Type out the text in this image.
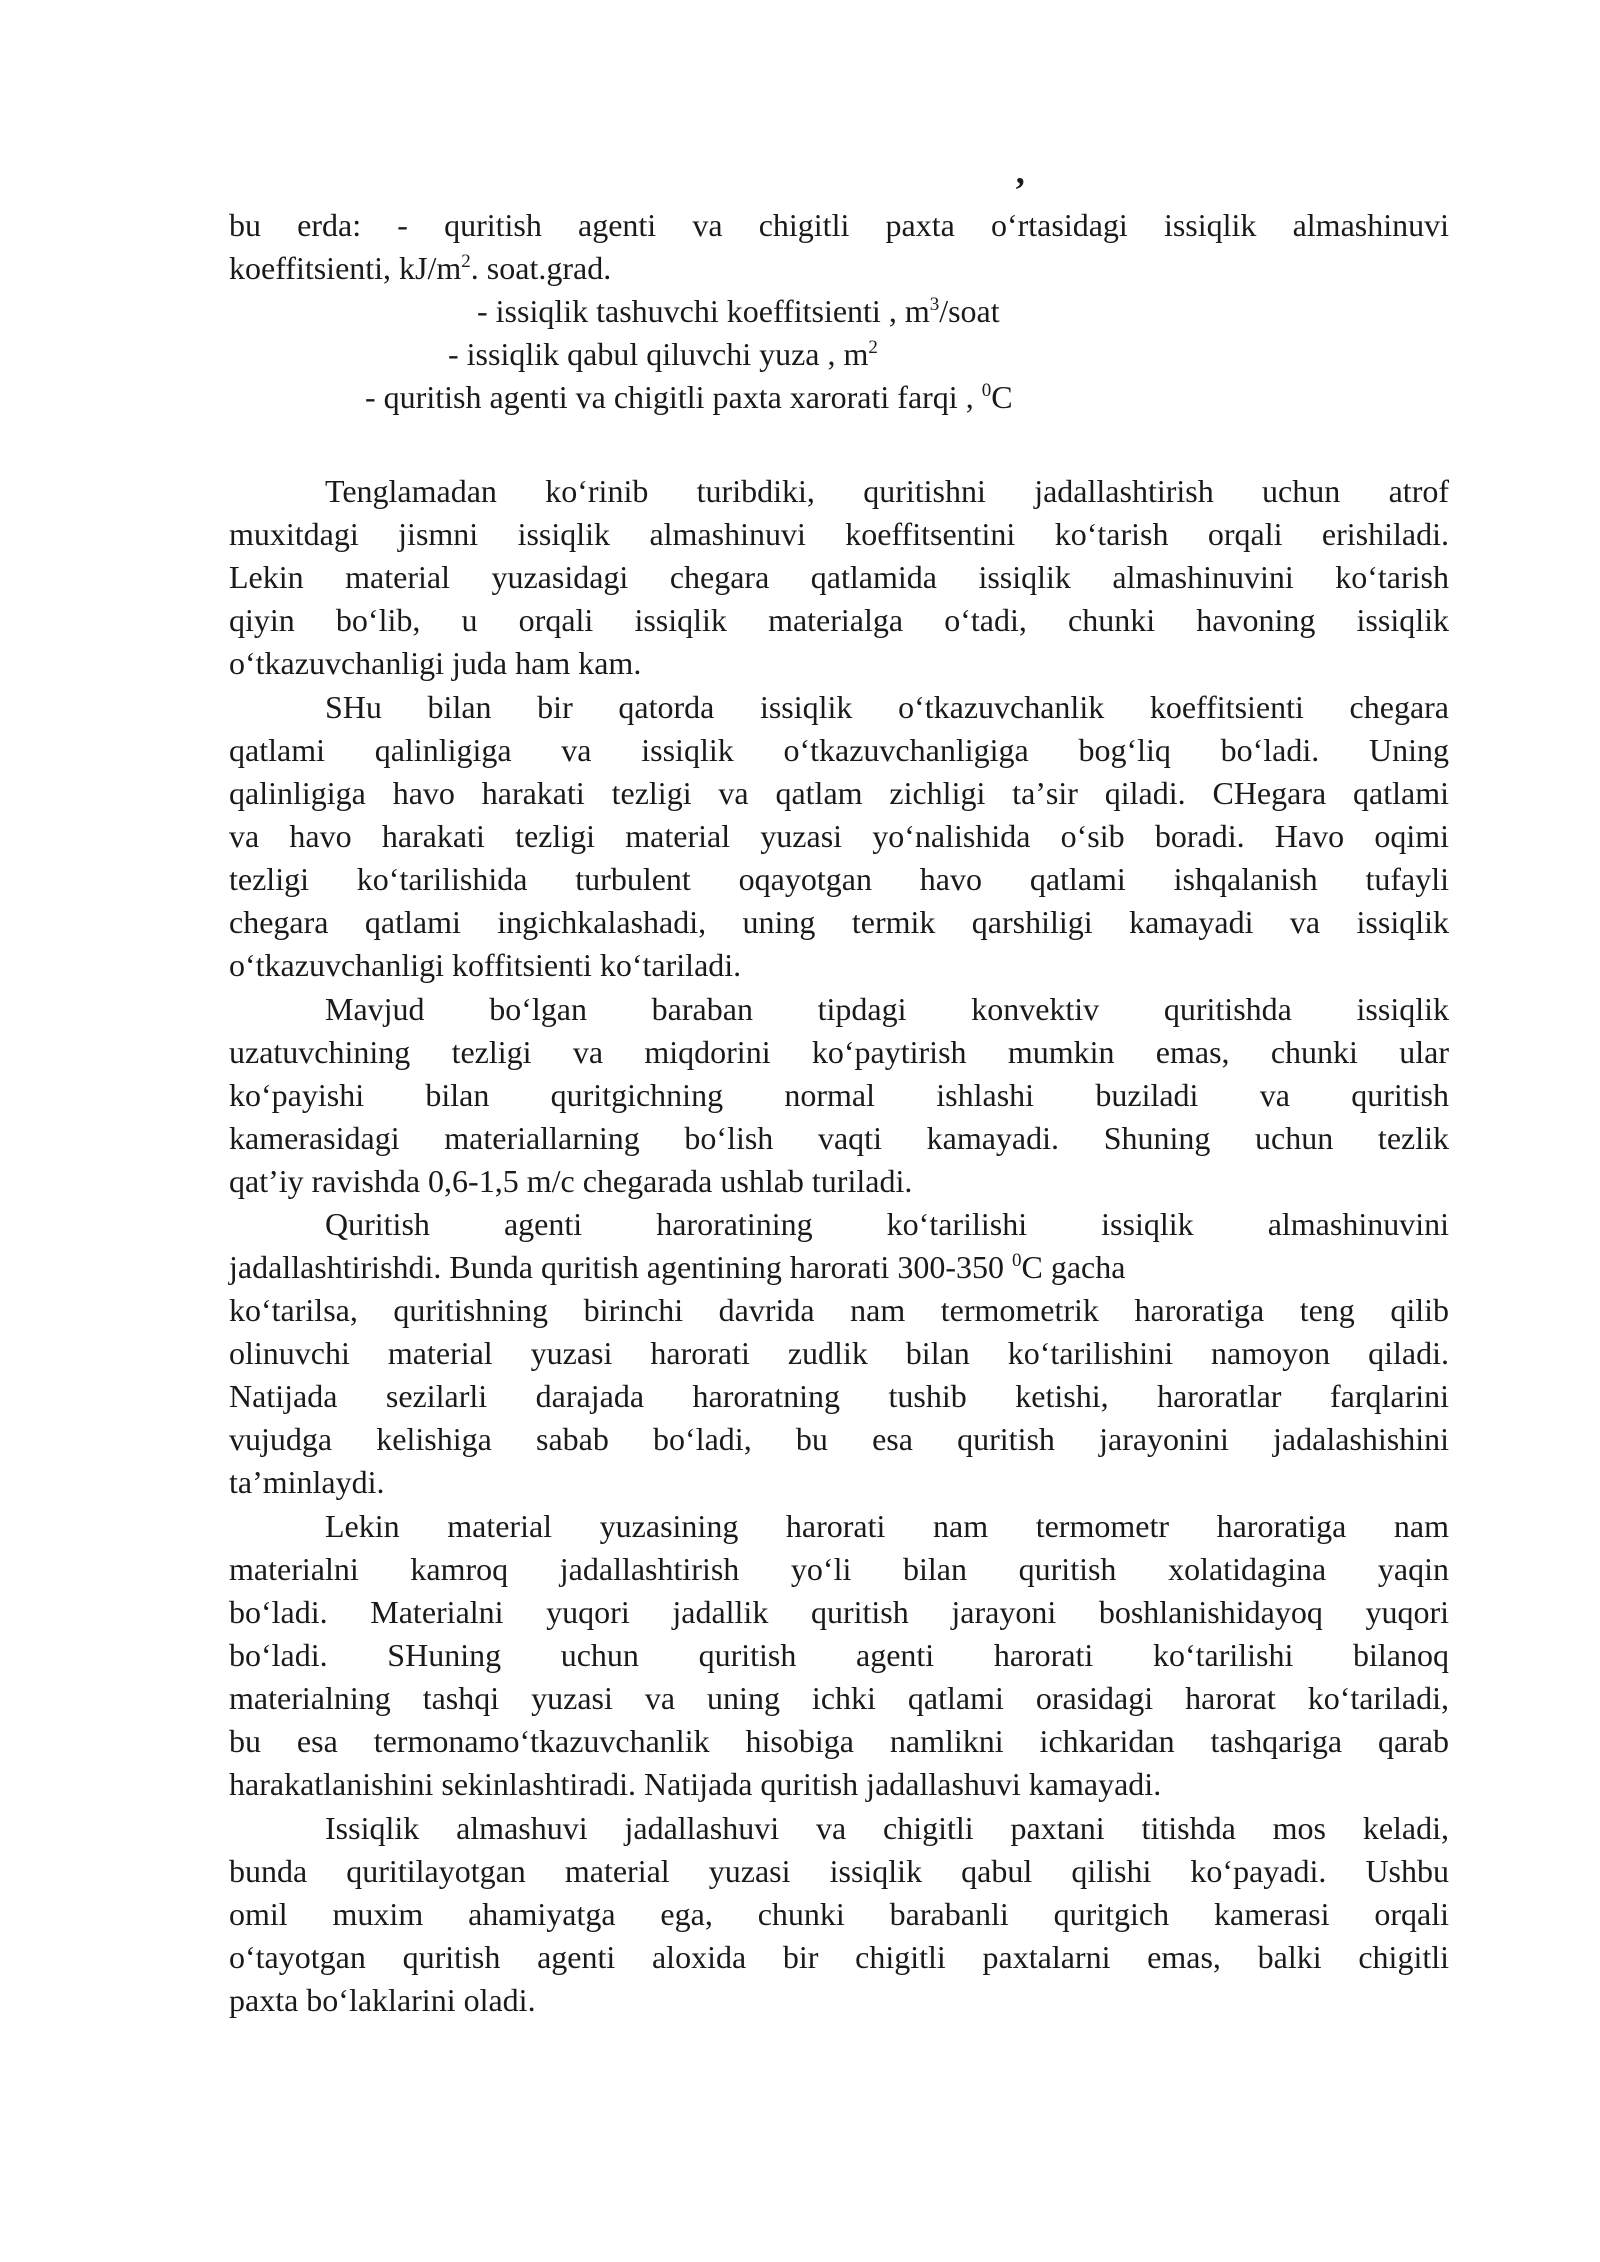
ʼ
bu erda: - quritish agenti va chigitli paxta oʻrtasidagi issiqlik almashinuvi
koeffitsienti, $kJ/m^2$. soat.grad.
- issiqlik tashuvchi koeffitsienti , $m^3$/soat
- issiqlik qabul qiluvchi yuza , $m^2$
- quritish agenti va chigitli paxta xarorati farqi , $^0$C
Tenglamadan koʻrinib turibdiki, quritishni jadallashtirish uchun atrof
muxitdagi jismni issiqlik almashinuvi koeffitsentini koʻtarish orqali erishiladi.
Lekin material yuzasidagi chegara qatlamida issiqlik almashinuvini koʻtarish
qiyin boʻlib, u orqali issiqlik materialga oʻtadi, chunki havoning issiqlik
oʻtkazuvchanligi juda ham kam.
SHu bilan bir qatorda issiqlik oʻtkazuvchanlik koeffitsienti chegara
qatlami qalinligiga va issiqlik oʻtkazuvchanligiga bogʻliq boʻladi. Uning
qalinligiga havo harakati tezligi va qatlam zichligi taʼsir qiladi. CHegara qatlami
va havo harakati tezligi material yuzasi yoʻnalishida oʻsib boradi. Havo oqimi
tezligi koʻtarilishida turbulent oqayotgan havo qatlami ishqalanish tufayli
chegara qatlami ingichkalashadi, uning termik qarshiligi kamayadi va issiqlik
oʻtkazuvchanligi koffitsienti koʻtariladi.
Mavjud boʻlgan baraban tipdagi konvektiv quritishda issiqlik
uzatuvchining tezligi va miqdorini koʻpaytirish mumkin emas, chunki ular
koʻpayishi bilan quritgichning normal ishlashi buziladi va quritish
kamerasidagi materiallarning boʻlish vaqti kamayadi. Shuning uchun tezlik
qatʼiy ravishda 0,6-1,5 m/c chegarada ushlab turiladi.
Quritish agenti haroratining koʻtarilishi issiqlik almashinuvini
jadallashtirishdi. Bunda quritish agentining harorati 300-350 $^0$C gacha
koʻtarilsa, quritishning birinchi davrida nam termometrik haroratiga teng qilib
olinuvchi material yuzasi harorati zudlik bilan koʻtarilishini namoyon qiladi.
Natijada sezilarli darajada haroratning tushib ketishi, haroratlar farqlarini
vujudga kelishiga sabab boʻladi, bu esa quritish jarayonini jadalashishini
taʼminlaydi.
Lekin material yuzasining harorati nam termometr haroratiga nam
materialni kamroq jadallashtirish yoʻli bilan quritish xolatidagina yaqin
boʻladi. Materialni yuqori jadallik quritish jarayoni boshlanishidayoq yuqori
boʻladi. SHuning uchun quritish agenti harorati koʻtarilishi bilanoq
materialning tashqi yuzasi va uning ichki qatlami orasidagi harorat koʻtariladi,
bu esa termonamoʻtkazuvchanlik hisobiga namlikni ichkaridan tashqariga qarab
harakatlanishini sekinlashtiradi. Natijada quritish jadallashuvi kamayadi.
Issiqlik almashuvi jadallashuvi va chigitli paxtani titishda mos keladi,
bunda quritilayotgan material yuzasi issiqlik qabul qilishi koʻpayadi. Ushbu
omil muxim ahamiyatga ega, chunki barabanli quritgich kamerasi orqali
oʻtayotgan quritish agenti aloxida bir chigitli paxtalarni emas, balki chigitli
paxta boʻlaklarini oladi.
